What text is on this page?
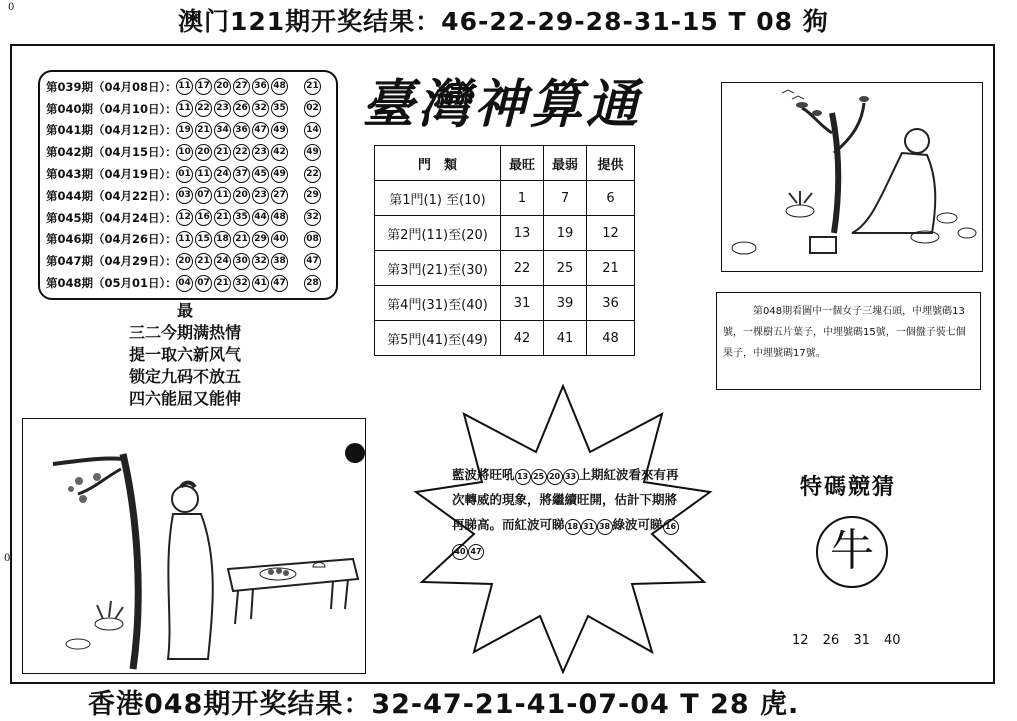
0	澳门121期开奖结果：46-22-29-28-31-15 T 08 狗
第039期（04月08日）： 11 17 20 27 36 48 21
第040期（04月10日）： 11 22 23 26 32 35 02
第041期（04月12日）： 19 21 34 36 47 49 14
第042期（04月15日）： 10 20 21 22 23 42 49
第043期（04月19日）： 01 11 24 37 45 49 22
第044期（04月22日）： 03 07 11 20 23 27 29
第045期（04月24日）： 12 16 21 35 44 48 32
第046期（04月26日）： 11 15 18 21 29 40 08
第047期（04月29日）： 20 21 24 30 32 38 47
第048期（05月01日）： 04 07 21 32 41 47 28
臺灣神算通
門　類	最旺	最弱	提供
第1門(1) 至(10)	1	7	6
第2門(11)至(20)	13	19	12
第3門(21)至(30)	22	25	21
第4門(31)至(40)	31	39	36
第5門(41)至(49)	42	41	48
第048期看圖中一個女子三塊石頭，中埋號碼13號，一棵樹五片葉子，中埋號碼15號，一個盤子裝七個果子，中埋號碼17號。
最
三二今期满热情
提一取六新风气
锁定九码不放五
四六能屈又能伸
0
藍波將旺吼 13 25 20 33 上期紅波看來有再次轉威的現象，將繼續旺開，估計下期將再睇高。而紅波可睇 18 31 38 綠波可睇 1640 47
特碼競猜
牛
12 26 31 40
香港048期开奖结果：32-47-21-41-07-04 T 28 虎.
